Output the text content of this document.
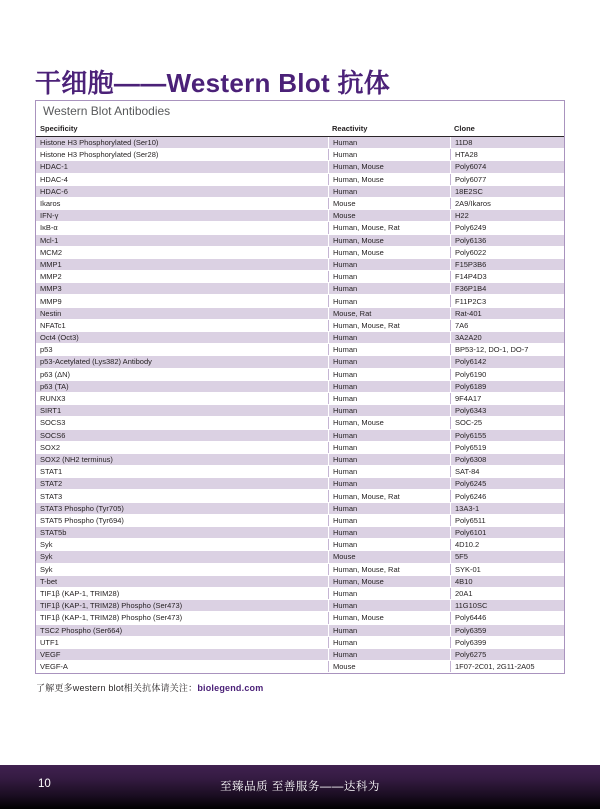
干细胞——Western Blot 抗体
Western Blot Antibodies
Specificity	Reactivity	Clone
Histone H3 Phosphorylated (Ser10)	Human	11D8
Histone H3 Phosphorylated (Ser28)	Human	HTA28
HDAC-1	Human, Mouse	Poly6074
HDAC-4	Human, Mouse	Poly6077
HDAC-6	Human	18E2SC
Ikaros	Mouse	2A9/Ikaros
IFN-γ	Mouse	H22
IκB-α	Human, Mouse, Rat	Poly6249
Mcl-1	Human, Mouse	Poly6136
MCM2	Human, Mouse	Poly6022
MMP1	Human	F15P3B6
MMP2	Human	F14P4D3
MMP3	Human	F36P1B4
MMP9	Human	F11P2C3
Nestin	Mouse, Rat	Rat-401
NFATc1	Human, Mouse, Rat	7A6
Oct4 (Oct3)	Human	3A2A20
p53	Human	BP53-12, DO-1, DO-7
p53-Acetylated (Lys382) Antibody	Human	Poly6142
p63 (ΔN)	Human	Poly6190
p63 (TA)	Human	Poly6189
RUNX3	Human	9F4A17
SIRT1	Human	Poly6343
SOCS3	Human, Mouse	SOC-25
SOCS6	Human	Poly6155
SOX2	Human	Poly6519
SOX2 (NH2 terminus)	Human	Poly6308
STAT1	Human	SAT-84
STAT2	Human	Poly6245
STAT3	Human, Mouse, Rat	Poly6246
STAT3 Phospho (Tyr705)	Human	13A3-1
STAT5 Phospho (Tyr694)	Human	Poly6511
STAT5b	Human	Poly6101
Syk	Human	4D10.2
Syk	Mouse	5F5
Syk	Human, Mouse, Rat	SYK-01
T-bet	Human, Mouse	4B10
TIF1β (KAP-1, TRIM28)	Human	20A1
TIF1β (KAP-1, TRIM28) Phospho (Ser473)	Human	11G10SC
TIF1β (KAP-1, TRIM28) Phospho (Ser473)	Human, Mouse	Poly6446
TSC2 Phospho (Ser664)	Human	Poly6359
UTF1	Human	Poly6399
VEGF	Human	Poly6275
VEGF-A	Mouse	1F07-2C01, 2G11-2A05
了解更多western blot相关抗体请关注：biolegend.com
10	至臻品质 至善服务——达科为
